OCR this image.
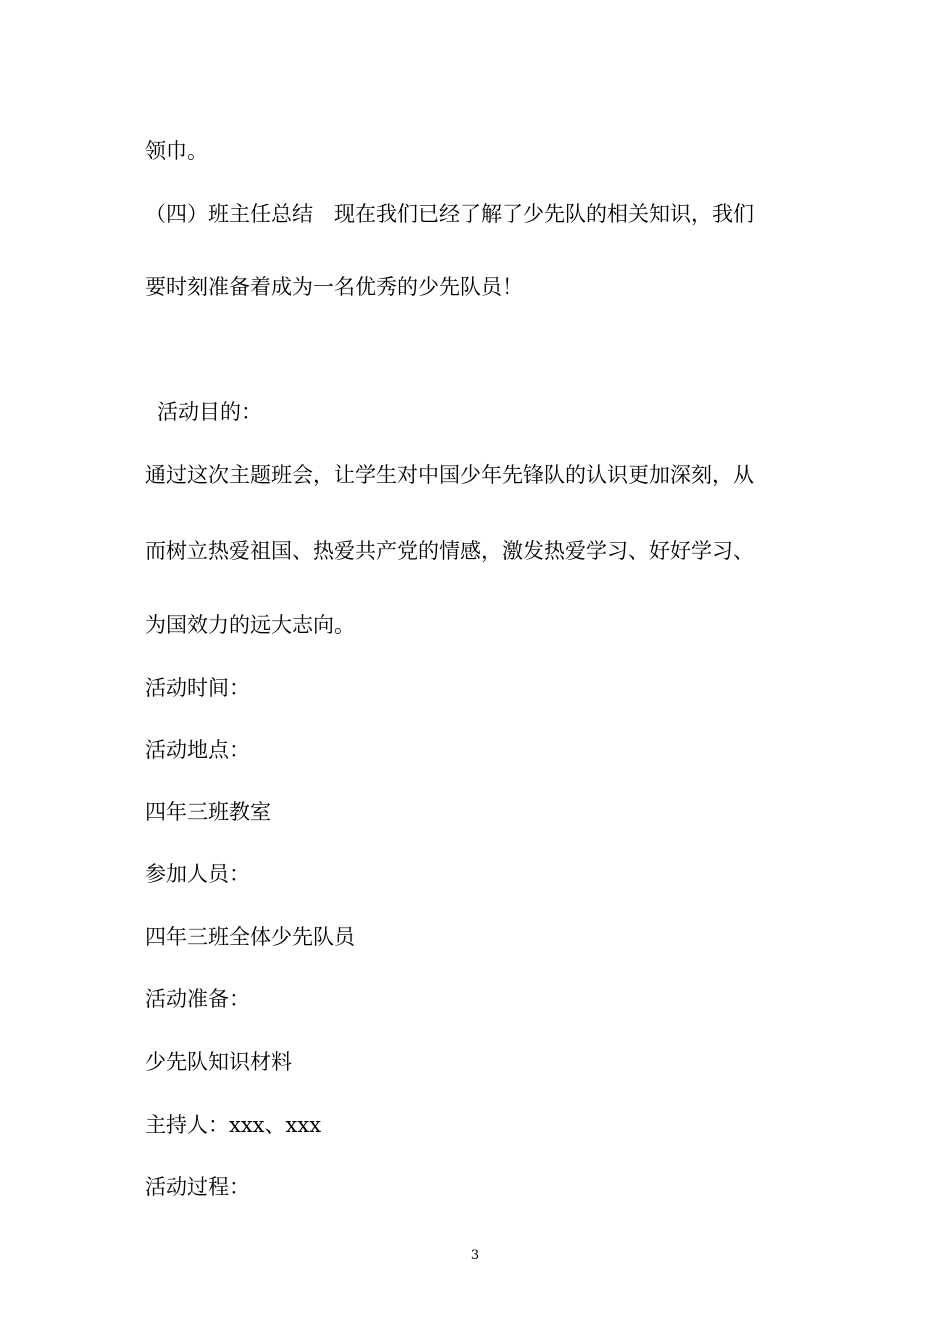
领巾。

（四）班主任总结　现在我们已经了解了少先队的相关知识，我们

要时刻准备着成为一名优秀的少先队员！

活动目的：

通过这次主题班会，让学生对中国少年先锋队的认识更加深刻，从

而树立热爱祖国、热爱共产党的情感，激发热爱学习、好好学习、

为国效力的远大志向。

活动时间：

活动地点：

四年三班教室

参加人员：

四年三班全体少先队员

活动准备：

少先队知识材料

主持人：xxx、xxx

活动过程：

3
